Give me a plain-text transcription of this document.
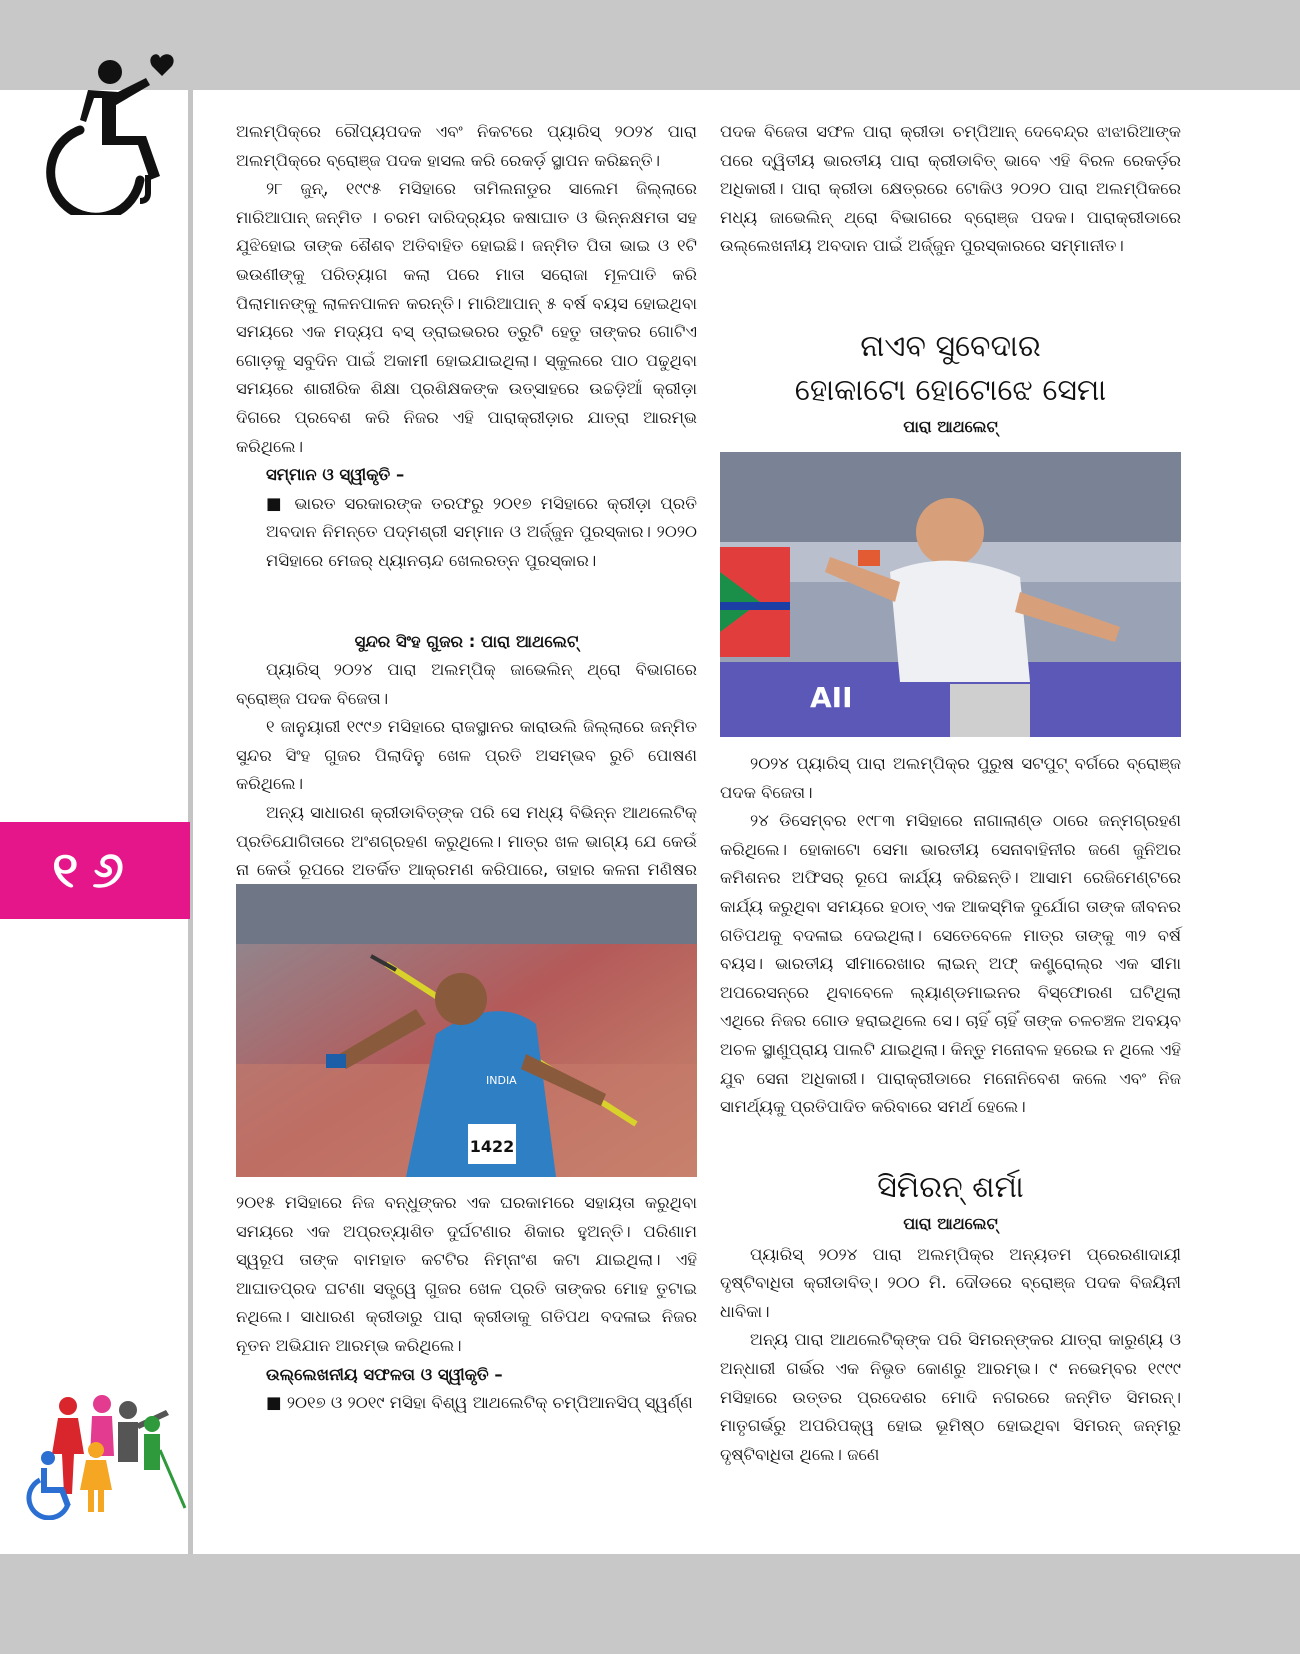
୧୬

ଅଲମ୍ପିକ୍‌ରେ ରୌପ୍ୟପଦକ ଏବଂ ନିକଟରେ ପ୍ୟାରିସ୍ ୨୦୨୪ ପାରା ଅଲମ୍ପିକ୍‌ରେ ବ୍ରୋଞ୍ଜ ପଦକ ହାସଲ କରି ରେକର୍ଡ଼ ସ୍ଥାପନ କରିଛନ୍ତି।

୨୮ ଜୁନ୍, ୧୯୯୫ ମସିହାରେ ତାମିଲନାଡୁର ସାଲେମ ଜିଲ୍ଲାରେ ମାରିଆପାନ୍ ଜନ୍ମିତ । ଚରମ ଦାରିଦ୍ର୍ୟର କଷାଘାତ ଓ ଭିନ୍ନକ୍ଷମତା ସହ ଯୁଝିହୋଇ ତାଙ୍କ ଶୈଶବ ଅତିବାହିତ ହୋଇଛି। ଜନ୍ମିତ ପିତା ଭାଇ ଓ ୧ଟି ଭଉଣୀଙ୍କୁ ପରିତ୍ୟାଗ କଲା ପରେ ମାତା ସରୋଜା ମୂଳପାତି କରି ପିଲାମାନଙ୍କୁ ଲାଳନପାଳନ କରନ୍ତି। ମାରିଆପାନ୍ ୫ ବର୍ଷ ବୟସ ହୋଇଥିବା ସମୟରେ ଏକ ମଦ୍ୟପ ବସ୍ ଡ୍ରାଇଭରର ତ୍ରୁଟି ହେତୁ ତାଙ୍କର ଗୋଟିଏ ଗୋଡ଼କୁ ସବୁଦିନ ପାଇଁ ଅକାମୀ ହୋଇଯାଇଥିଲା। ସ୍କୁଲରେ ପାଠ ପଢୁଥିବା ସମୟରେ ଶାରୀରିକ ଶିକ୍ଷା ପ୍ରଶିକ୍ଷକଙ୍କ ଉତ୍ସାହରେ ଉଚ୍ଚଡ଼ିଆଁ କ୍ରୀଡ଼ା ଦିଗରେ ପ୍ରବେଶ କରି ନିଜର ଏହି ପାରାକ୍ରୀଡ଼ାର ଯାତ୍ରା ଆରମ୍ଭ କରିଥିଲେ।

ସମ୍ମାନ ଓ ସ୍ୱୀକୃତି –

■ ଭାରତ ସରକାରଙ୍କ ତରଫରୁ ୨୦୧୭ ମସିହାରେ କ୍ରୀଡ଼ା ପ୍ରତି ଅବଦାନ ନିମନ୍ତେ ପଦ୍ମଶ୍ରୀ ସମ୍ମାନ ଓ ଅର୍ଜ୍ଜୁନ ପୁରସ୍କାର। ୨୦୨୦ ମସିହାରେ ମେଜର୍ ଧ୍ୟାନଚାନ୍ଦ ଖେଲରତ୍ନ ପୁରସ୍କାର।

ସୁନ୍ଦର ସିଂହ ଗୁଜର : ପାରା ଆଥଲେଟ୍

ପ୍ୟାରିସ୍ ୨୦୨୪ ପାରା ଅଲମ୍ପିକ୍ ଜାଭେଲିନ୍ ଥ୍ରୋ ବିଭାଗରେ ବ୍ରୋଞ୍ଜ ପଦକ ବିଜେତା।

୧ ଜାନୁୟାରୀ ୧୯୯୬ ମସିହାରେ ରାଜସ୍ଥାନର କାରାଉଲି ଜିଲ୍ଲାରେ ଜନ୍ମିତ ସୁନ୍ଦର ସିଂହ ଗୁଜର ପିଲାଦିନୁ ଖେଳ ପ୍ରତି ଅସମ୍ଭବ ରୁଚି ପୋଷଣ କରିଥିଲେ।

ଅନ୍ୟ ସାଧାରଣ କ୍ରୀଡାବିତ୍‌ଙ୍କ ପରି ସେ ମଧ୍ୟ ବିଭିନ୍ନ ଆଥଲେଟିକ୍ ପ୍ରତିଯୋଗିତାରେ ଅଂଶଗ୍ରହଣ କରୁଥିଲେ। ମାତ୍ର ଖଳ ଭାଗ୍ୟ ଯେ କେଉଁ ନା କେଉଁ ରୂପରେ ଅତର୍କିତ ଆକ୍ରମଣ କରିପାରେ, ତାହାର କଳନା ମଣିଷର

1422
INDIA

୨୦୧୫ ମସିହାରେ ନିଜ ବନ୍ଧୁଙ୍କର ଏକ ଘରକାମରେ ସହାୟତା କରୁଥିବା ସମୟରେ ଏକ ଅପ୍ରତ୍ୟାଶିତ ଦୁର୍ଘଟଣାର ଶିକାର ହୁଅନ୍ତି। ପରିଣାମ ସ୍ୱରୂପ ତାଙ୍କ ବାମହାତ କଟଟିର ନିମ୍ନାଂଶ କଟା ଯାଇଥିଲା। ଏହି ଆଘାତପ୍ରଦ ଘଟଣା ସତ୍ତ୍ୱେ ଗୁଜର ଖେଳ ପ୍ରତି ତାଙ୍କର ମୋହ ତୁଟାଇ ନଥିଲେ। ସାଧାରଣ କ୍ରୀଡାରୁ ପାରା କ୍ରୀଡାକୁ ଗତିପଥ ବଦଳାଇ ନିଜର ନୂତନ ଅଭିଯାନ ଆରମ୍ଭ କରିଥିଲେ।

ଉଲ୍ଲେଖନୀୟ ସଫଳତା ଓ ସ୍ୱୀକୃତି –

■ ୨୦୧୭ ଓ ୨୦୧୯ ମସିହା ବିଶ୍ୱ ଆଥଲେଟିକ୍ ଚମ୍ପିଆନସିପ୍ ସ୍ୱର୍ଣ୍ଣ

ପଦକ ବିଜେତା ସଫଳ ପାରା କ୍ରୀଡା ଚମ୍ପିଆନ୍ ଦେବେନ୍ଦ୍ର ଝାଝାରିଆଙ୍କ ପରେ ଦ୍ୱିତୀୟ ଭାରତୀୟ ପାରା କ୍ରୀଡାବିତ୍ ଭାବେ ଏହି ବିରଳ ରେକର୍ଡ଼ର ଅଧିକାରୀ। ପାରା କ୍ରୀଡା କ୍ଷେତ୍ରରେ ଟୋକିଓ ୨୦୨୦ ପାରା ଅଲମ୍ପିକରେ ମଧ୍ୟ ଜାଭେଲିନ୍ ଥ୍ରୋ ବିଭାଗରେ ବ୍ରୋଞ୍ଜ ପଦକ। ପାରାକ୍ରୀଡାରେ ଉଲ୍ଲେଖନୀୟ ଅବଦାନ ପାଇଁ ଅର୍ଜ୍ଜୁନ ପୁରସ୍କାରରେ ସମ୍ମାନୀତ।

ନାଏବ ସୁବେଦାର

ହୋକାଟୋ ହୋଟୋଝେ ସେମା

ପାରା ଆଥଲେଟ୍

AII

୨୦୨୪ ପ୍ୟାରିସ୍ ପାରା ଅଲମ୍ପିକ୍‌ର ପୁରୁଷ ସଟପୁଟ୍ ବର୍ଗରେ ବ୍ରୋଞ୍ଜ ପଦକ ବିଜେତା।

୨୪ ଡିସେମ୍ବର ୧୯୮୩ ମସିହାରେ ନାଗାଲାଣ୍ଡ ଠାରେ ଜନ୍ମଗ୍ରହଣ କରିଥିଲେ। ହୋକାଟୋ ସେମା ଭାରତୀୟ ସେନାବାହିନୀର ଜଣେ ଜୁନିଅର କମିଶନର ଅଫିସର୍ ରୂପେ କାର୍ଯ୍ୟ କରିଛନ୍ତି। ଆସାମ ରେଜିମେଣ୍ଟରେ କାର୍ଯ୍ୟ କରୁଥିବା ସମୟରେ ହଠାତ୍ ଏକ ଆକସ୍ମିକ ଦୁର୍ଯୋଗ ତାଙ୍କ ଜୀବନର ଗତିପଥକୁ ବଦଳାଇ ଦେଇଥିଲା। ସେତେବେଳେ ମାତ୍ର ତାଙ୍କୁ ୩୨ ବର୍ଷ ବୟସ। ଭାରତୀୟ ସୀମାରେଖାର ଲାଇନ୍ ଅଫ୍ କଣ୍ଟ୍ରୋଲ୍‌ର ଏକ ସୀମା ଅପରେସନ୍‌ରେ ଥିବାବେଳେ ଲ୍ୟାଣ୍ଡମାଇନର ବିସ୍ଫୋରଣ ଘଟିଥିଲା ଏଥିରେ ନିଜର ଗୋଡ ହରାଇଥିଲେ ସେ। ଚାହିଁ ଚାହିଁ ତାଙ୍କ ଚଳଚଞ୍ଚଳ ଅବୟବ ଅଚଳ ସ୍ଥାଣୁପ୍ରାୟ ପାଲଟି ଯାଇଥିଲା। କିନ୍ତୁ ମନୋବଳ ହରେଇ ନ ଥିଲେ ଏହି ଯୁବ ସେନା ଅଧିକାରୀ। ପାରାକ୍ରୀଡାରେ ମନୋନିବେଶ କଲେ ଏବଂ ନିଜ ସାମର୍ଥ୍ୟକୁ ପ୍ରତିପାଦିତ କରିବାରେ ସମର୍ଥ ହେଲେ।

ସିମିରନ୍ ଶର୍ମା

ପାରା ଆଥଲେଟ୍

ପ୍ୟାରିସ୍ ୨୦୨୪ ପାରା ଅଲମ୍ପିକ୍‌ର ଅନ୍ୟତମ ପ୍ରେରଣାଦାୟୀ ଦୃଷ୍ଟିବାଧିତା କ୍ରୀଡାବିତ୍। ୨୦୦ ମି. ଦୌଡରେ ବ୍ରୋଞ୍ଜ ପଦକ ବିଜୟିନୀ ଧାବିକା।

ଅନ୍ୟ ପାରା ଆଥଲେଟିକ୍‌ଙ୍କ ପରି ସିମରନ୍‌ଙ୍କର ଯାତ୍ରା କାରୁଣ୍ୟ ଓ ଅନ୍ଧାରୀ ଗର୍ଭର ଏକ ନିଭୃତ କୋଣରୁ ଆରମ୍ଭ। ୯ ନଭେମ୍ବର ୧୯୯୯ ମସିହାରେ ଉତ୍ତର ପ୍ରଦେଶର ମୋଦି ନଗରରେ ଜନ୍ମିତ ସିମରନ୍। ମାତୃଗର୍ଭରୁ ଅପରିପକ୍ୱ ହୋଇ ଭୂମିଷ୍ଠ ହୋଇଥିବା ସିମରନ୍ ଜନ୍ମରୁ ଦୃଷ୍ଟିବାଧିତା ଥିଲେ। ଜଣେ
